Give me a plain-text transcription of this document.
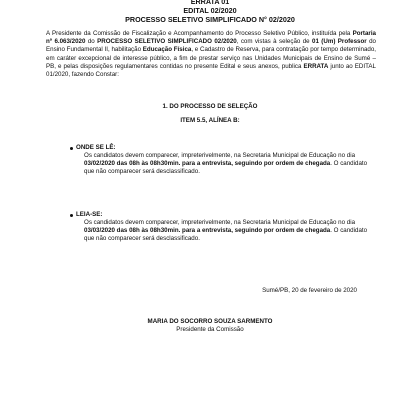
ERRATA 01
EDITAL 02/2020
PROCESSO SELETIVO SIMPLIFICADO N° 02/2020
A Presidente da Comissão de Fiscalização e Acompanhamento do Processo Seletivo Público, instituída pela Portaria nº 6.063/2020 do PROCESSO SELETIVO SIMPLIFICADO 02/2020, com vistas à seleção de 01 (Um) Professor do Ensino Fundamental II, habilitação Educação Física, e Cadastro de Reserva, para contratação por tempo determinado, em caráter excepcional de interesse público, a fim de prestar serviço nas Unidades Municipais de Ensino de Sumé – PB, e pelas disposições regulamentares contidas no presente Edital e seus anexos, publica ERRATA junto ao EDITAL 01/2020, fazendo Constar:
1. DO PROCESSO DE SELEÇÃO
ITEM 5.5, ALÍNEA B:
ONDE SE LÊ:
Os candidatos devem comparecer, impreterivelmente, na Secretaria Municipal de Educação no dia 03/02/2020 das 08h às 08h30min. para a entrevista, seguindo por ordem de chegada. O candidato que não comparecer será desclassificado.
LEIA-SE:
Os candidatos devem comparecer, impreterivelmente, na Secretaria Municipal de Educação no dia 03/03/2020 das 08h às 08h30min. para a entrevista, seguindo por ordem de chegada. O candidato que não comparecer será desclassificado.
Sumé/PB, 20 de fevereiro de 2020
MARIA DO SOCORRO SOUZA SARMENTO
Presidente da Comissão
